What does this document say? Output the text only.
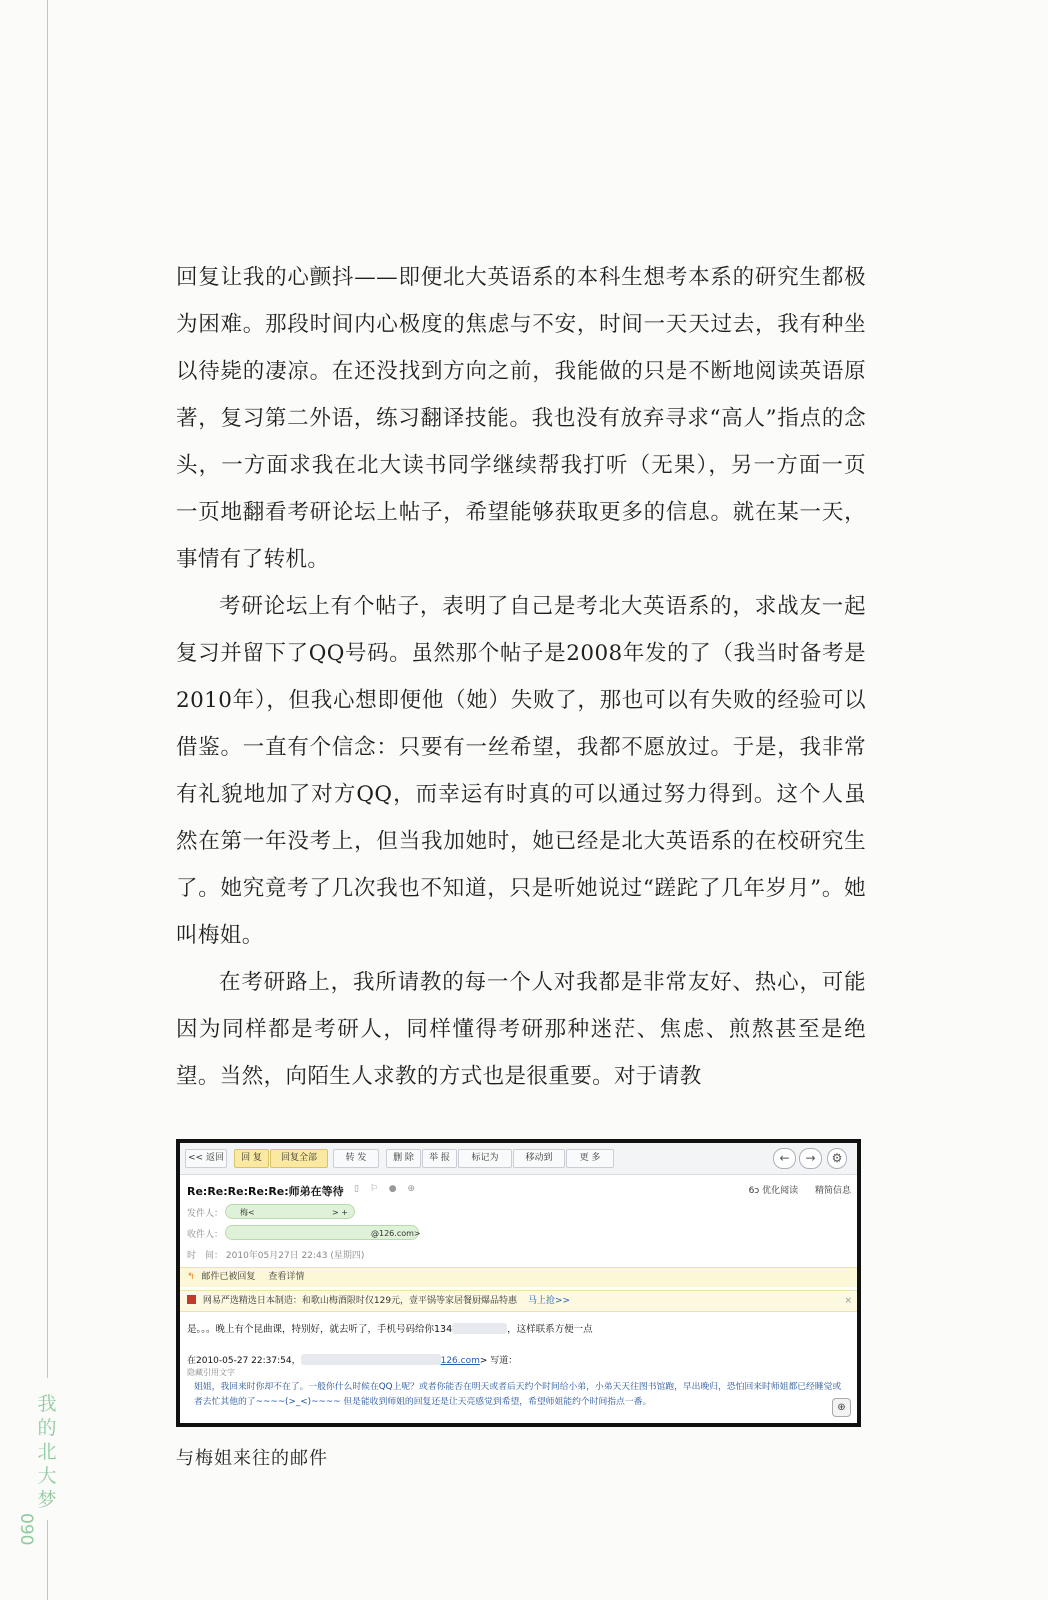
我的北大梦
090

回复让我的心颤抖——即便北大英语系的本科生想考本系的研究生都极为困难。那段时间内心极度的焦虑与不安，时间一天天过去，我有种坐以待毙的凄凉。在还没找到方向之前，我能做的只是不断地阅读英语原著，复习第二外语，练习翻译技能。我也没有放弃寻求“高人”指点的念头，一方面求我在北大读书同学继续帮我打听（无果），另一方面一页一页地翻看考研论坛上帖子，希望能够获取更多的信息。就在某一天，事情有了转机。

考研论坛上有个帖子，表明了自己是考北大英语系的，求战友一起复习并留下了QQ号码。虽然那个帖子是2008年发的了（我当时备考是2010年），但我心想即便他（她）失败了，那也可以有失败的经验可以借鉴。一直有个信念：只要有一丝希望，我都不愿放过。于是，我非常有礼貌地加了对方QQ，而幸运有时真的可以通过努力得到。这个人虽然在第一年没考上，但当我加她时，她已经是北大英语系的在校研究生了。她究竟考了几次我也不知道，只是听她说过“蹉跎了几年岁月”。她叫梅姐。

在考研路上，我所请教的每一个人对我都是非常友好、热心，可能因为同样都是考研人，同样懂得考研那种迷茫、焦虑、煎熬甚至是绝望。当然，向陌生人求教的方式也是很重要。对于请教

<< 返回	回 复	回复全部	转 发	删 除	举 报	标记为	移动到	更 多	←	→	⚙
Re:Re:Re:Re:Re:师弟在等待 ▯ ⚐ ● ⊕	6ɔ 优化阅读 精简信息
发件人：	梅<	> +
收件人：	@126.com>
时　间： 2010年05月27日 22:43 (星期四)
↰ 邮件已被回复 查看详情
网易严选精选日本制造：和歌山梅酒限时仅129元，壹平锅等家居餐厨爆品特惠 马上抢>>	×
是。。。晚上有个昆曲课，特别好，就去听了，手机号码给你134	，这样联系方便一点
在2010-05-27 22:37:54，	126.com> 写道：
隐藏引用文字
姐姐，我回来时你却不在了。一般你什么时候在QQ上呢？或者你能否在明天或者后天约个时间给小弟，小弟天天往图书馆跑，早出晚归，恐怕回来时师姐都已经睡觉或者去忙其他的了~~~~(>_<)~~~~ 但是能收到师姐的回复还是让天亮感觉到希望，希望师姐能约个时间指点一番。	⊕
与梅姐来往的邮件
